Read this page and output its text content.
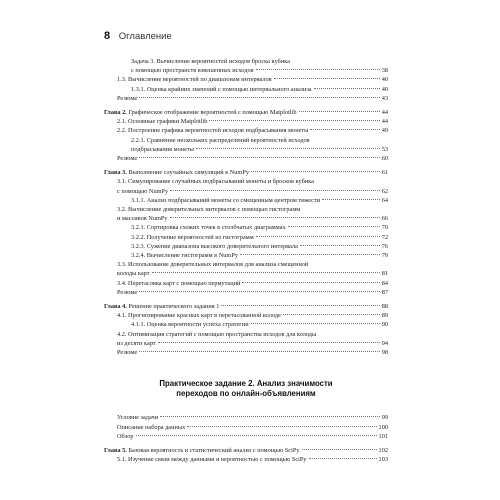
8 Оглавление
Задача 3. Вычисление вероятностей исходов броска кубика
с помощью пространств взвешенных исходов	38
1.3. Вычисление вероятностей по диапазонам интервалов	40
1.3.1. Оценка крайних значений с помощью интервального анализа	40
Резюме	43
Глава 2. Графическое отображение вероятностей с помощью Matplotlib	44
2.1. Основные графики Matplotlib	44
2.2. Построение графика вероятностей исходов подбрасывания монеты	49
2.2.1. Сравнение нескольких распределений вероятностей исходов
подбрасывания монеты	53
Резюме	60
Глава 3. Выполнение случайных симуляций в NumPy	61
3.1. Симулирование случайных подбрасываний монеты и бросков кубика
с помощью NumPy	62
3.1.1. Анализ подбрасываний монеты со смещенным центром тяжести	64
3.2. Вычисление доверительных интервалов с помощью гистограмм
и массивов NumPy	66
3.2.1. Сортировка схожих точек в столбчатых диаграммах	70
3.2.2. Получение вероятностей из гистограмм	72
3.2.3. Сужение диапазона высокого доверительного интервала	76
3.2.4. Вычисление гистограмм в NumPy	79
3.3. Использование доверительных интервалов для анализа смещенной
колоды карт	81
3.4. Перетасовка карт с помощью пермутаций	84
Резюме	87
Глава 4. Решение практического задания 1	88
4.1. Прогнозирование красных карт в перетасованной колоде	89
4.1.1. Оценка вероятности успеха стратегии	90
4.2. Оптимизация стратегий с помощью пространства исходов для колоды
из десяти карт	94
Резюме	98
Практическое задание 2. Анализ значимости
переходов по онлайн-объявлениям
Условие задачи	99
Описание набора данных	100
Обзор	101
Глава 5. Базовая вероятность и статистический анализ с помощью SciPy	102
5.1. Изучение связи между данными и вероятностью с помощью SciPy	103
